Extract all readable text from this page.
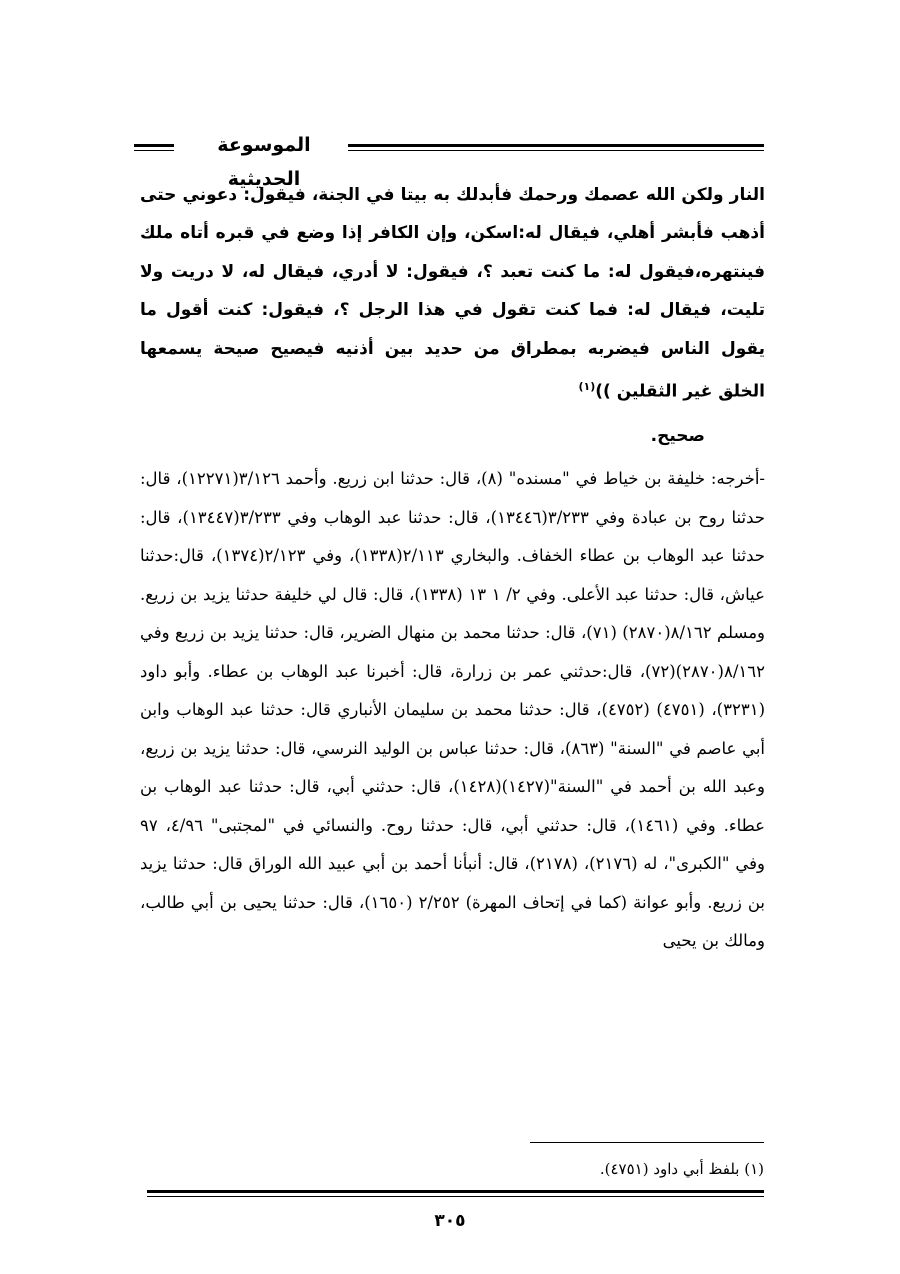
الموسوعة الحديثية
النار ولكن الله عصمك ورحمك فأبدلك به بيتا في الجنة، فيقول: دعوني حتى أذهب فأبشر أهلي، فيقال له:اسكن، وإن الكافر إذا وضع في قبره أتاه ملك فينتهره،فيقول له: ما كنت تعبد ؟، فيقول: لا أدري، فيقال له، لا دريت ولا تليت، فيقال له: فما كنت تقول في هذا الرجل ؟، فيقول: كنت أقول ما يقول الناس فيضربه بمطراق من حديد بين أذنيه فيصيح صيحة يسمعها الخلق غير الثقلين ))$^{(١)}$
صحيح.
-أخرجه: خليفة بن خياط في "مسنده" (٨)، قال: حدثنا ابن زريع. وأحمد ٣/١٢٦(١٢٢٧١)، قال: حدثنا روح بن عبادة وفي ٣/٢٣٣(١٣٤٤٦)، قال: حدثنا عبد الوهاب وفي ٣/٢٣٣(١٣٤٤٧)، قال: حدثنا عبد الوهاب بن عطاء الخفاف. والبخاري ٢/١١٣(١٣٣٨)، وفي ٢/١٢٣(١٣٧٤)، قال:حدثنا عياش، قال: حدثنا عبد الأعلى. وفي ٢/ ١ ١٣ (١٣٣٨)، قال: قال لي خليفة حدثنا يزيد بن زريع. ومسلم ٨/١٦٢(٢٨٧٠) (٧١)، قال: حدثنا محمد بن منهال الضرير، قال: حدثنا يزيد بن زريع وفي ٨/١٦٢(٢٨٧٠)(٧٢)، قال:حدثني عمر بن زرارة، قال: أخبرنا عبد الوهاب بن عطاء. وأبو داود (٣٢٣١)، (٤٧٥١) (٤٧٥٢)، قال: حدثنا محمد بن سليمان الأنباري قال: حدثنا عبد الوهاب وابن أبي عاصم في "السنة" (٨٦٣)، قال: حدثنا عباس بن الوليد النرسي، قال: حدثنا يزيد بن زريع، وعبد الله بن أحمد في "السنة"(١٤٢٧)(١٤٢٨)، قال: حدثني أبي، قال: حدثنا عبد الوهاب بن عطاء. وفي (١٤٦١)، قال: حدثني أبي، قال: حدثنا روح. والنسائي في "لمجتبى" ٤/٩٦، ٩٧ وفي "الكبرى"، له (٢١٧٦)، (٢١٧٨)، قال: أنبأنا أحمد بن أبي عبيد الله الوراق قال: حدثنا يزيد بن زريع. وأبو عوانة (كما في إتحاف المهرة) ٢/٢٥٢ (١٦٥٠)، قال: حدثنا يحيى بن أبي طالب، ومالك بن يحيى
(١) بلفظ أبي داود (٤٧٥١).
٣٠٥
